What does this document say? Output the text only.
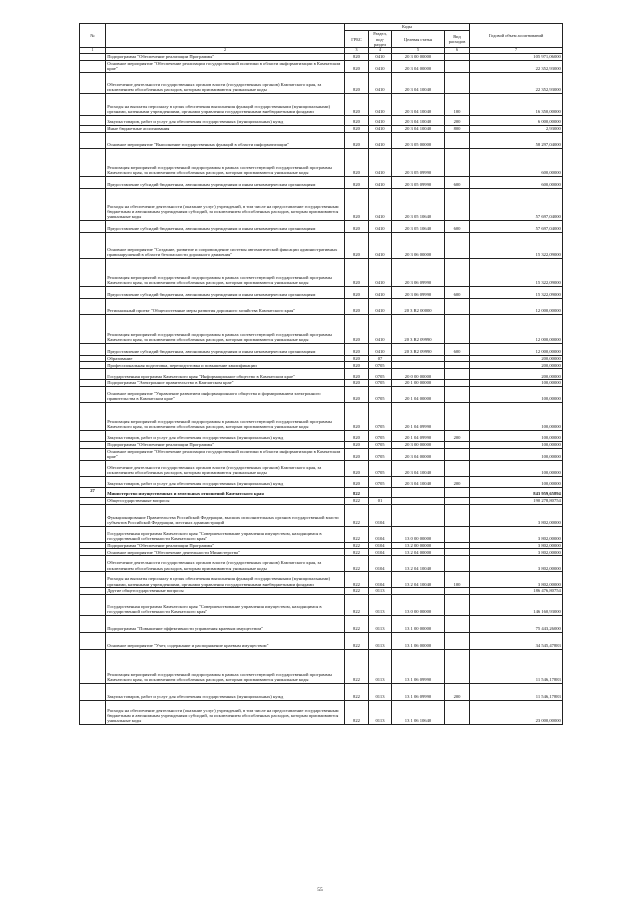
№		Коды				Годовой объем ассигнований
		ГРБС	Раздел, под- раздел	Целевая статья	Вид расходов	
1	2	3	4	5	6	7
	Подпрограмма "Обеспечение реализации Программы"	820	0410	20 3 00 00000		105 971,06000
	Основное мероприятие "Обеспечение реализации государственной политики в области информатизации в Камчатском крае"	820	0410	20 3 04 00000		22 352,93000
	Обеспечение деятельности государственных органов власти (государственных органов) Камчатского края, за исключением обособленных расходов, которым присваиваются уникальные коды	820	0410	20 3 04 10040		22 352,93000
	Расходы на выплаты персоналу в целях обеспечения выполнения функций государственными (муниципальными) органами, казенными учреждениями, органами управления государственными внебюджетными фондами	820	0410	20 3 04 10040	100	16 350,00000
	Закупка товаров, работ и услуг для обеспечения государственных (муниципальных) нужд	820	0410	20 3 04 10040	200	6 000,00000
	Иные бюджетные ассигнования	820	0410	20 3 04 10040	800	2,93000
	Основное мероприятие "Выполнение государственных функций в области информатизации"	820	0410	20 3 05 00000		58 297,04000
	Реализация мероприятий государственной подпрограммы в рамках соответствующей государственной программы Камчатского края, за исключением обособленных расходов, которым присваиваются уникальные коды	820	0410	20 3 05 09990		600,00000
	Предоставление субсидий бюджетным, автономным учреждениям и иным некоммерческим организациям	820	0410	20 3 05 09990	600	600,00000
	Расходы на обеспечение деятельности (оказание услуг) учреждений, в том числе на предоставление государственным бюджетным и автономным учреждениям субсидий, за исключением обособленных расходов, которым присваиваются уникальные коды	820	0410	20 3 05 10640		57 697,04000
	Предоставление субсидий бюджетным, автономным учреждениям и иным некоммерческим организациям	820	0410	20 3 05 10640	600	57 697,04000
	Основное мероприятие "Создание, развитие и сопровождение системы автоматической фиксации административных правонарушений в области безопасности дорожного движения"	820	0410	20 3 06 00000		15 322,09000
	Реализация мероприятий государственной подпрограммы в рамках соответствующей государственной программы Камчатского края, за исключением обособленных расходов, которым присваиваются уникальные коды	820	0410	20 3 06 09990		15 322,09000
	Предоставление субсидий бюджетным, автономным учреждениям и иным некоммерческим организациям	820	0410	20 3 06 09990	600	15 322,09000
	Региональный проект "Общесистемные меры развития дорожного хозяйства Камчатского края"	820	0410	20 3 R2 00000		12 000,00000
	Реализация мероприятий государственной подпрограммы в рамках соответствующей государственной программы Камчатского края, за исключением обособленных расходов, которым присваиваются уникальные коды	820	0410	20 3 R2 09990		12 000,00000
	Предоставление субсидий бюджетным, автономным учреждениям и иным некоммерческим организациям	820	0410	20 3 R2 09990	600	12 000,00000
	Образование	820	07			200,00000
	Профессиональная подготовка, переподготовка и повышение квалификации	820	0705			200,00000
	Государственная программа Камчатского края "Информационное общество в Камчатском крае"	820	0705	20 0 00 00000		200,00000
	Подпрограмма "Электронное правительство в Камчатском крае"	820	0705	20 1 00 00000		100,00000
	Основное мероприятие "Управление развитием информационного общества и формированием электронного правительства в Камчатском крае"	820	0705	20 1 04 00000		100,00000
	Реализация мероприятий государственной подпрограммы в рамках соответствующей государственной программы Камчатского края, за исключением обособленных расходов, которым присваиваются уникальные коды	820	0705	20 1 04 09990		100,00000
	Закупка товаров, работ и услуг для обеспечения государственных (муниципальных) нужд	820	0705	20 1 04 09990	200	100,00000
	Подпрограмма "Обеспечение реализации Программы"	820	0705	20 3 00 00000		100,00000
	Основное мероприятие "Обеспечение реализации государственной политики в области информатизации в Камчатском крае"	820	0705	20 3 04 00000		100,00000
	Обеспечение деятельности государственных органов власти (государственных органов) Камчатского края, за исключением обособленных расходов, которым присваиваются уникальные коды	820	0705	20 3 04 10040		100,00000
	Закупка товаров, работ и услуг для обеспечения государственных (муниципальных) нужд	820	0705	20 3 04 10040	200	100,00000
27	Министерство имущественных и земельных отношений Камчатского края	822				843 959,65894
	Общегосударственные вопросы	822	01			190 278,80754
	Функционирование Правительства Российской Федерации, высших исполнительных органов государственной власти субъектов Российской Федерации, местных администраций	822	0104			3 802,00000
	Государственная программа Камчатского края "Совершенствование управления имуществом, находящимся в государственной собственности Камчатского края"	822	0104	13 0 00 00000		3 802,00000
	Подпрограмма "Обеспечение реализации Программы"	822	0104	13 2 00 00000		3 802,00000
	Основное мероприятие "Обеспечение деятельности Министерства"	822	0104	13 2 04 00000		3 802,00000
	Обеспечение деятельности государственных органов власти (государственных органов) Камчатского края, за исключением обособленных расходов, которым присваиваются уникальные коды	822	0104	13 2 04 10040		3 802,00000
	Расходы на выплаты персоналу в целях обеспечения выполнения функций государственными (муниципальными) органами, казенными учреждениями, органами управления государственными внебюджетными фондами	822	0104	13 2 04 10040	100	3 802,00000
	Другие общегосударственные вопросы	822	0113			186 476,80754
	Государственная программа Камчатского края "Совершенствование управления имуществом, находящимся в государственной собственности Камчатского края"	822	0113	13 0 00 00000		146 160,93000
	Подпрограмма "Повышение эффективности управления краевым имуществом"	822	0113	13 1 00 00000		75 443,26000
	Основное мероприятие "Учет, содержание и распоряжение краевым имуществом"	822	0113	13 1 06 00000		34 545,47883
	Реализация мероприятий государственной подпрограммы в рамках соответствующей государственной программы Камчатского края, за исключением обособленных расходов, которым присваиваются уникальные коды	822	0113	13 1 06 09990		11 546,17883
	Закупка товаров, работ и услуг для обеспечения государственных (муниципальных) нужд	822	0113	13 1 06 09990	200	11 546,17883
	Расходы на обеспечение деятельности (оказание услуг) учреждений, в том числе на предоставление государственным бюджетным и автономным учреждениям субсидий, за исключением обособленных расходов, которым присваиваются уникальные коды	822	0113	13 1 06 10640		23 000,00000
55
